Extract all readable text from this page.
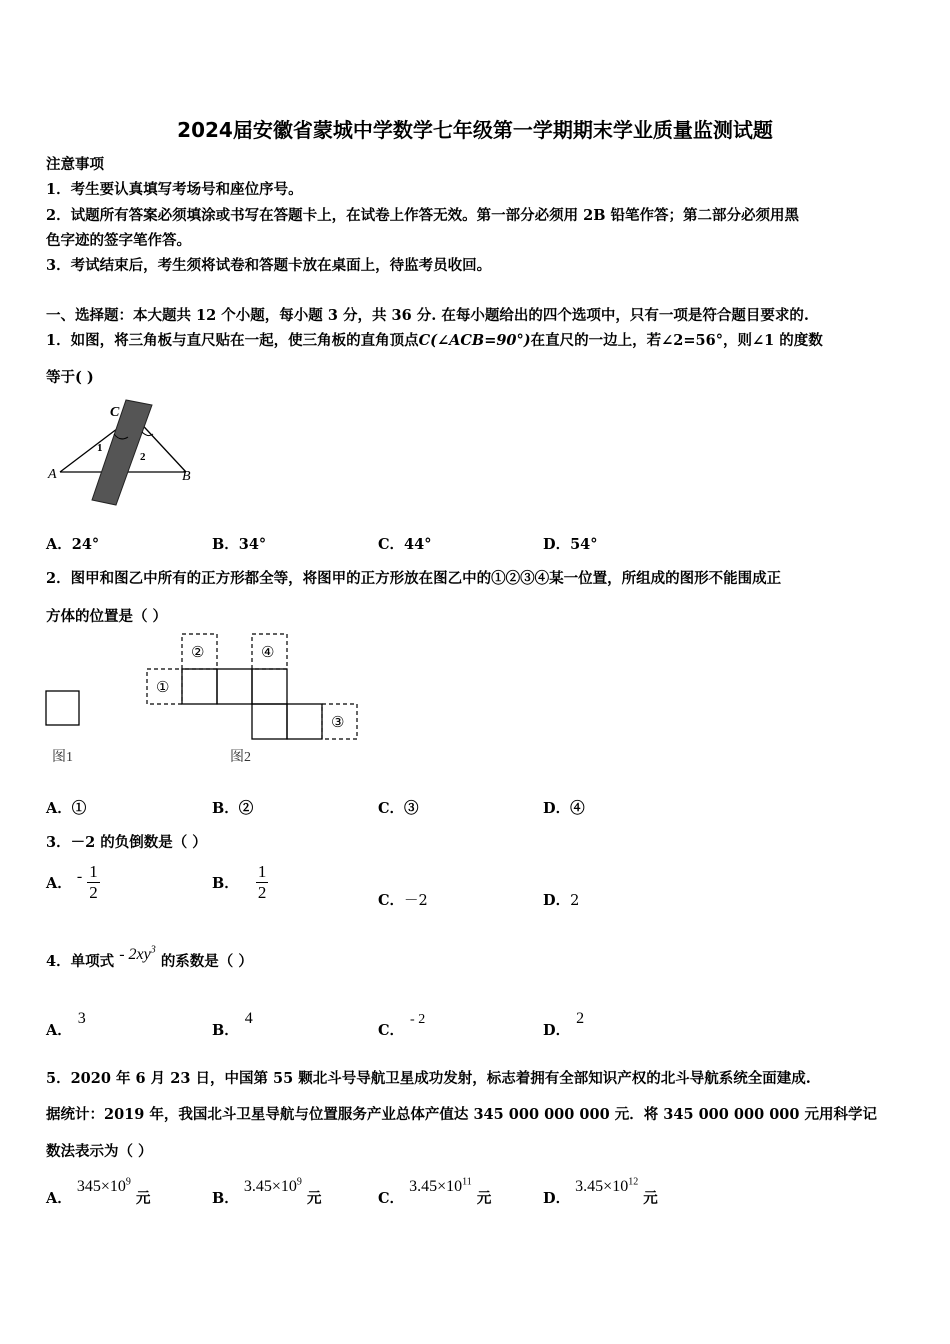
2024届安徽省蒙城中学数学七年级第一学期期末学业质量监测试题
注意事项
1．考生要认真填写考场号和座位序号。
2．试题所有答案必须填涂或书写在答题卡上，在试卷上作答无效。第一部分必须用 2B 铅笔作答；第二部分必须用黑
色字迹的签字笔作答。
3．考试结束后，考生须将试卷和答题卡放在桌面上，待监考员收回。
一、选择题：本大题共 12 个小题，每小题 3 分，共 36 分. 在每小题给出的四个选项中，只有一项是符合题目要求的.
1．如图，将三角板与直尺贴在一起，使三角板的直角顶点C(∠ACB=90°)在直尺的一边上，若∠2=56°，则∠1 的度数
等于( )
C
A	B
1
2
A．24°	B．34°	C．44°	D．54°
2．图甲和图乙中所有的正方形都全等，将图甲的正方形放在图乙中的①②③④某一位置，所组成的图形不能围成正
方体的位置是（ ）
图1
①
②
③
④
图2
A．①	B．②	C．③	D．④
3．－2 的负倒数是（ ）
A． - $\frac{1}{2}$	B． $\frac{1}{2}$	C．－2	D．2
4．单项式 - $2xy^3$ 的系数是（ ）
A．3
B．4
C．- 2
D．2
5．2020 年 6 月 23 日，中国第 55 颗北斗号导航卫星成功发射，标志着拥有全部知识产权的北斗导航系统全面建成.
据统计：2019 年，我国北斗卫星导航与位置服务产业总体产值达 345 000 000 000 元．将 345 000 000 000 元用科学记
数法表示为（ ）
A． $345\times 10^9$ 元	B． $3.45\times 10^9$ 元	C． $3.45\times 10^{11}$ 元	D． $3.45\times 10^{12}$ 元
